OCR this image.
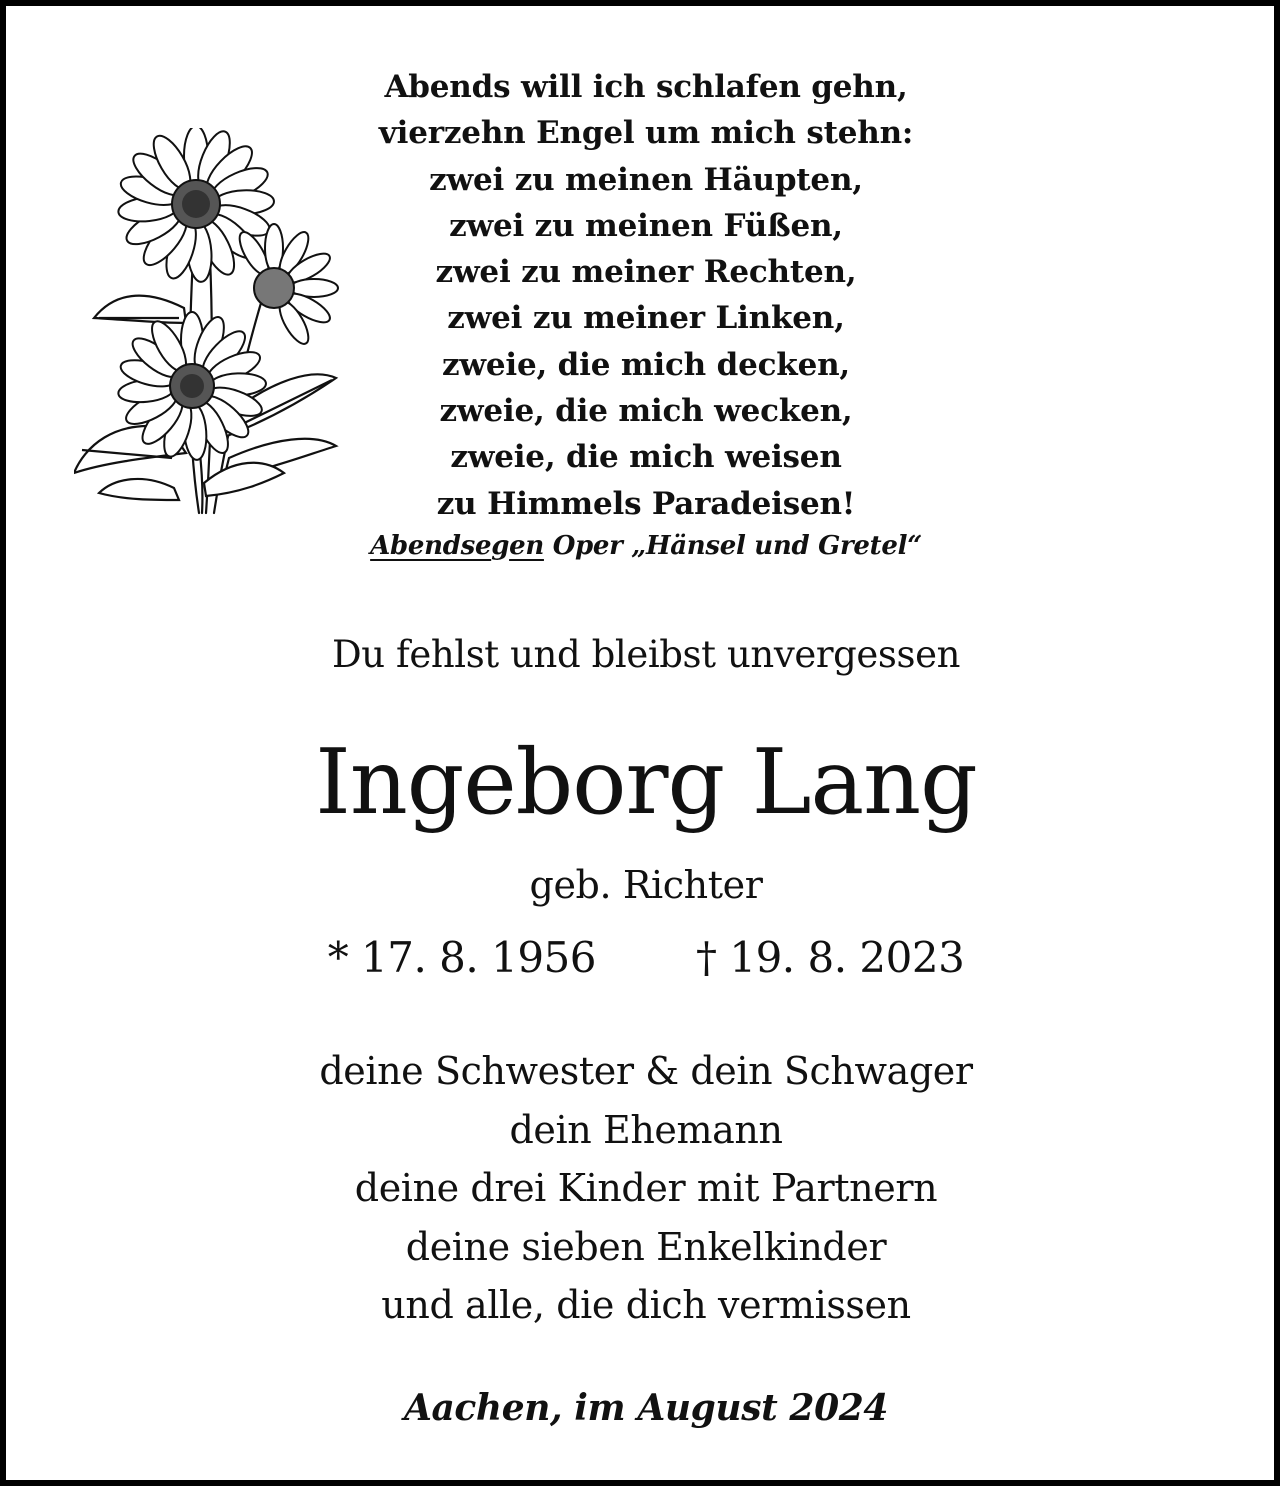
Abends will ich schlafen gehn,
vierzehn Engel um mich stehn:
zwei zu meinen Häupten,
zwei zu meinen Füßen,
zwei zu meiner Rechten,
zwei zu meiner Linken,
zweie, die mich decken,
zweie, die mich wecken,
zweie, die mich weisen
zu Himmels Paradeisen!
Abendsegen Oper „Hänsel und Gretel“
Du fehlst und bleibst unvergessen
Ingeborg Lang
geb. Richter
* 17. 8. 1956 † 19. 8. 2023
deine Schwester & dein Schwager
dein Ehemann
deine drei Kinder mit Partnern
deine sieben Enkelkinder
und alle, die dich vermissen
Aachen, im August 2024
